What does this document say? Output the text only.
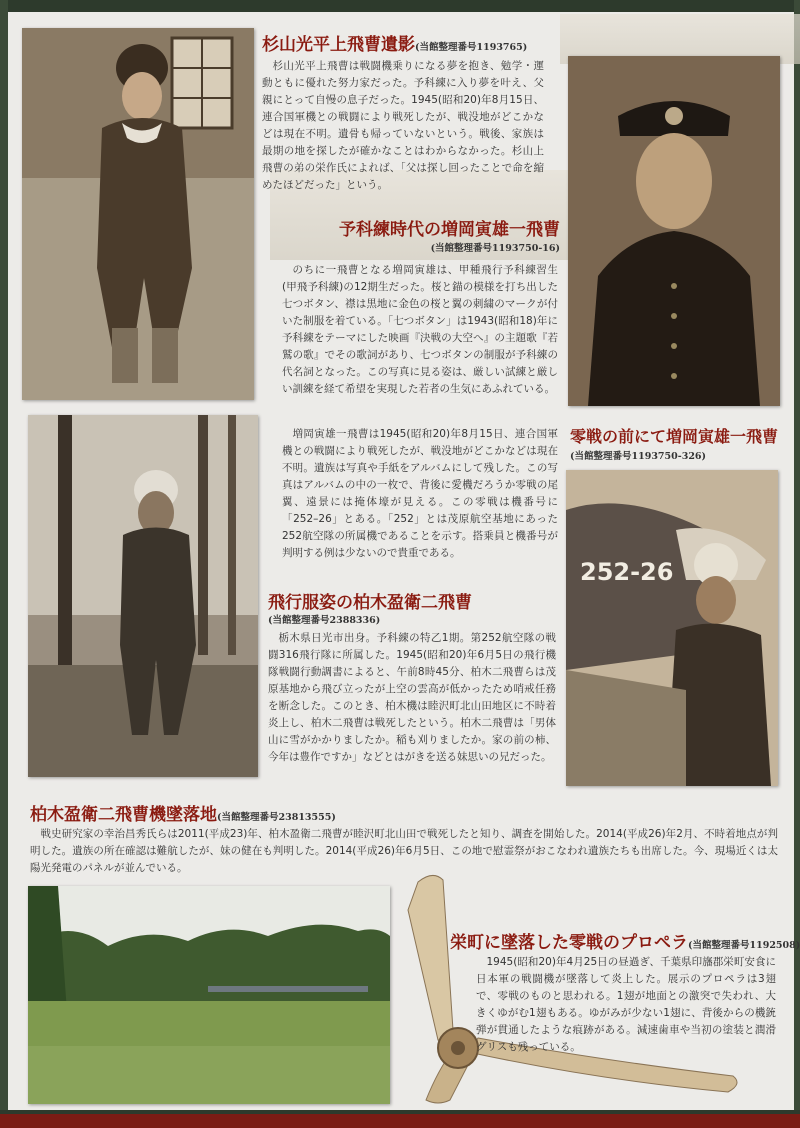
杉山光平上飛曹遺影(当館整理番号1193765)

杉山光平上飛曹は戦闘機乗りになる夢を抱き、勉学・運動ともに優れた努力家だった。予科練に入り夢を叶え、父親にとって自慢の息子だった。1945(昭和20)年8月15日、連合国軍機との戦闘により戦死したが、戦没地がどこかなどは現在不明。遺骨も帰っていないという。戦後、家族は最期の地を探したが確かなことはわからなかった。杉山上飛曹の弟の栄作氏によれば、「父は探し回ったことで命を縮めたほどだった」という。

予科練時代の増岡寅雄一飛曹
(当館整理番号1193750-16)

のちに一飛曹となる増岡寅雄は、甲種飛行予科練習生(甲飛予科練)の12期生だった。桜と錨の模様を打ち出した七つボタン、襟は黒地に金色の桜と翼の刺繍のマークが付いた制服を着ている。「七つボタン」は1943(昭和18)年に予科練をテーマにした映画『決戦の大空へ』の主題歌『若鷲の歌』でその歌詞があり、七つボタンの制服が予科練の代名詞となった。この写真に見る姿は、厳しい試練と厳しい訓練を経て希望を実現した若者の生気にあふれている。

増岡寅雄一飛曹は1945(昭和20)年8月15日、連合国軍機との戦闘により戦死したが、戦没地がどこかなどは現在不明。遺族は写真や手紙をアルバムにして残した。この写真はアルバムの中の一枚で、背後に愛機だろうか零戦の尾翼、遠景には掩体壕が見える。この零戦は機番号に「252–26」とある。「252」とは茂原航空基地にあった252航空隊の所属機であることを示す。搭乗員と機番号が判明する例は少ないので貴重である。

零戦の前にて増岡寅雄一飛曹
(当館整理番号1193750-326)
252-26
飛行服姿の柏木盈衛二飛曹
(当館整理番号2388336)

栃木県日光市出身。予科練の特乙1期。第252航空隊の戦闘316飛行隊に所属した。1945(昭和20)年6月5日の飛行機隊戦闘行動調書によると、午前8時45分、柏木二飛曹らは茂原基地から飛び立ったが上空の雲高が低かったため哨戒任務を断念した。このとき、柏木機は睦沢町北山田地区に不時着炎上し、柏木二飛曹は戦死したという。柏木二飛曹は「男体山に雪がかかりましたか。稲も刈りましたか。家の前の柿、今年は豊作ですか」などとはがきを送る妹思いの兄だった。

柏木盈衛二飛曹機墜落地(当館整理番号23813555)

戦史研究家の幸治昌秀氏らは2011(平成23)年、柏木盈衛二飛曹が睦沢町北山田で戦死したと知り、調査を開始した。2014(平成26)年2月、不時着地点が判明した。遺族の所在確認は難航したが、妹の健在も判明した。2014(平成26)年6月5日、この地で慰霊祭がおこなわれ遺族たちも出席した。今、現場近くは太陽光発電のパネルが並んでいる。

栄町に墜落した零戦のプロペラ(当館整理番号1192508)

1945(昭和20)年4月25日の昼過ぎ、千葉県印旛郡栄町安食に日本軍の戦闘機が墜落して炎上した。展示のプロペラは3翅で、零戦のものと思われる。1翅が地面との激突で失われ、大きくゆがむ1翅もある。ゆがみが少ない1翅に、背後からの機銃弾が貫通したような痕跡がある。減速歯車や当初の塗装と潤滑グリスも残っている。
